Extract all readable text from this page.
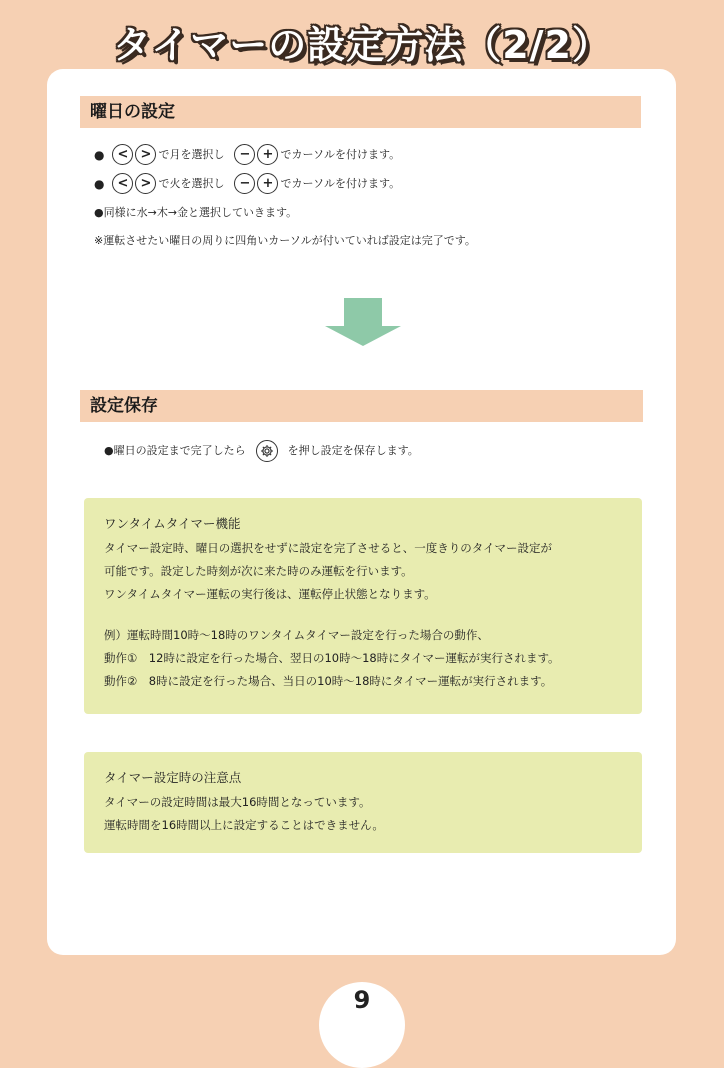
タイマーの設定方法（2/2）
曜日の設定
●	< > で月を選択し	− + でカーソルを付けます。
●	< > で火を選択し	− + でカーソルを付けます。
●同様に水→木→金と選択していきます。
※運転させたい曜日の周りに四角いカーソルが付いていれば設定は完了です。
設定保存
●曜日の設定まで完了したら	を押し設定を保存します。
ワンタイムタイマー機能
タイマー設定時、曜日の選択をせずに設定を完了させると、一度きりのタイマー設定が
可能です。設定した時刻が次に来た時のみ運転を行います。
ワンタイムタイマー運転の実行後は、運転停止状態となります。
例）運転時間10時〜18時のワンタイムタイマー設定を行った場合の動作、
動作①　12時に設定を行った場合、翌日の10時〜18時にタイマー運転が実行されます。
動作②　8時に設定を行った場合、当日の10時〜18時にタイマー運転が実行されます。
タイマー設定時の注意点
タイマーの設定時間は最大16時間となっています。
運転時間を16時間以上に設定することはできません。
9
